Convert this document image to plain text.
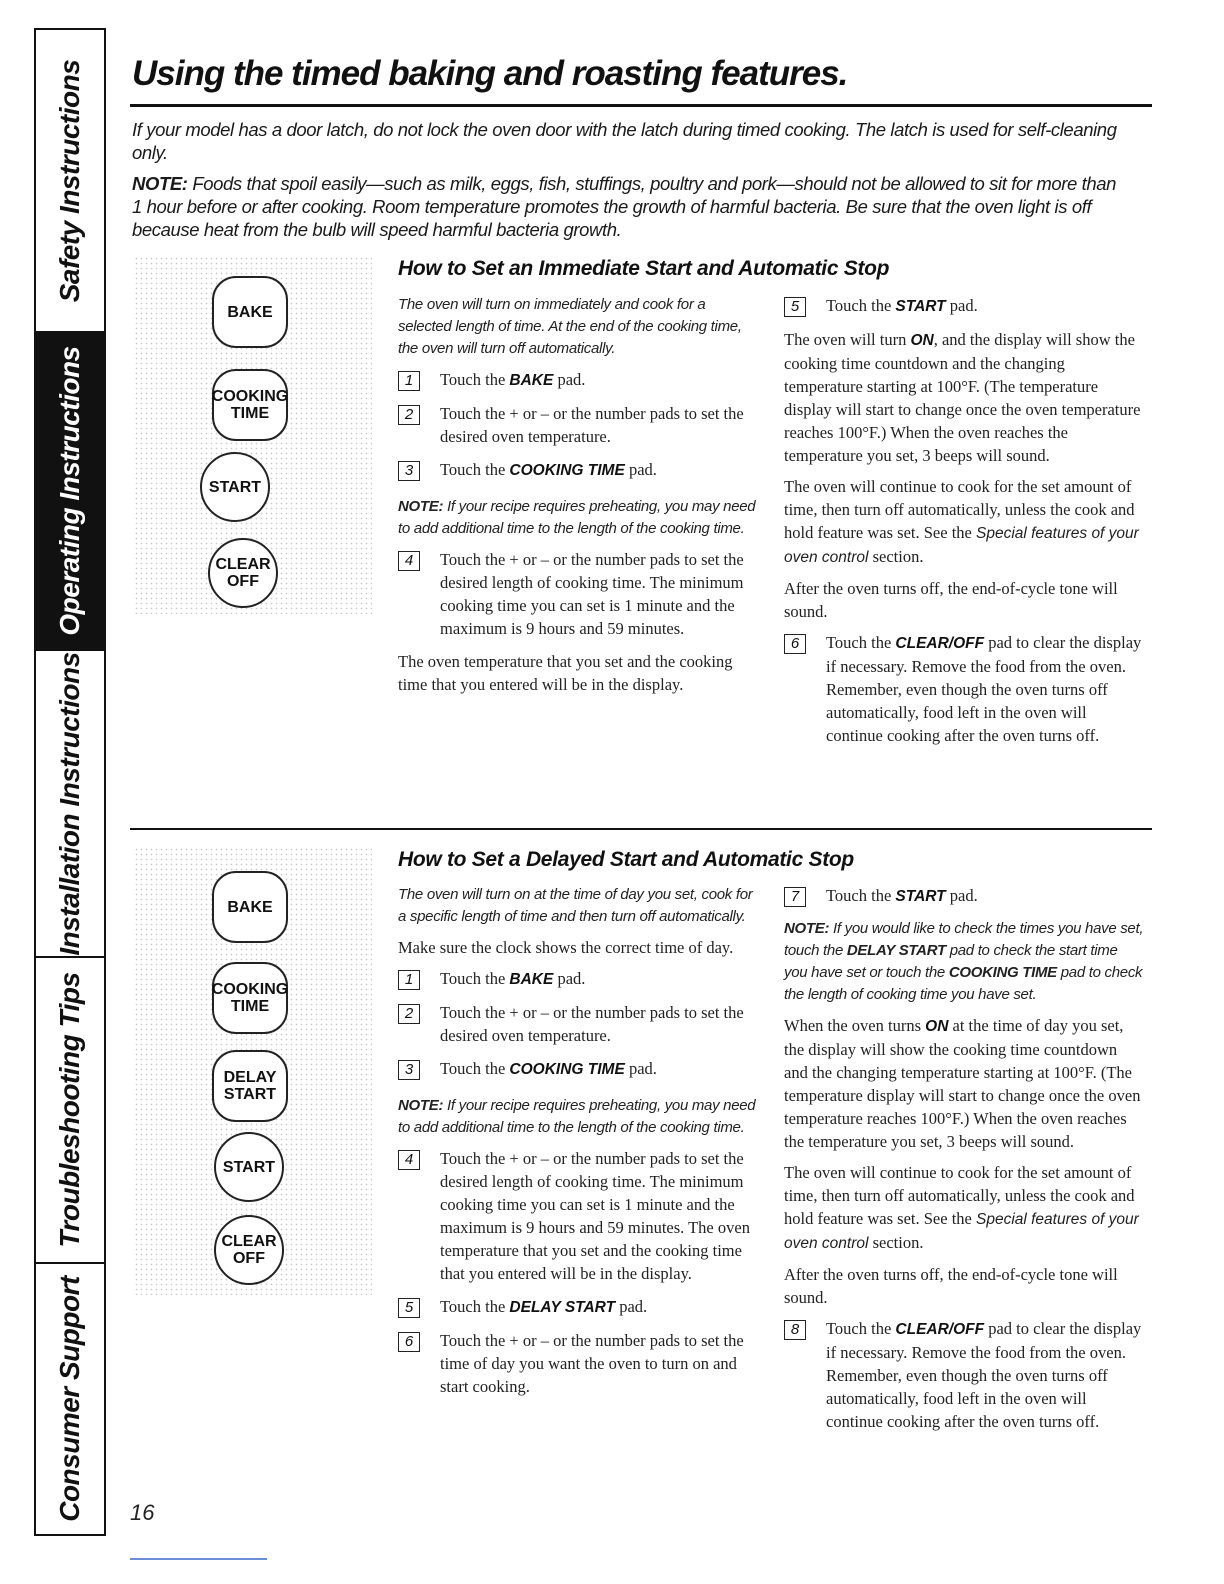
Safety Instructions
Operating Instructions
Installation Instructions
Troubleshooting Tips
Consumer Support
Using the timed baking and roasting features.

If your model has a door latch, do not lock the oven door with the latch during timed cooking. The latch is used for self-cleaning only.

NOTE: Foods that spoil easily—such as milk, eggs, fish, stuffings, poultry and pork—should not be allowed to sit for more than 1 hour before or after cooking. Room temperature promotes the growth of harmful bacteria. Be sure that the oven light is off because heat from the bulb will speed harmful bacteria growth.

How to Set an Immediate Start and Automatic Stop
BAKE
COOKING
TIME
START
CLEAR
OFF

The oven will turn on immediately and cook for a selected length of time. At the end of the cooking time, the oven will turn off automatically.

1	Touch the BAKE pad.
2	Touch the + or – or the number pads to set the desired oven temperature.
3	Touch the COOKING TIME pad.

NOTE: If your recipe requires preheating, you may need to add additional time to the length of the cooking time.

4	Touch the + or – or the number pads to set the desired length of cooking time. The minimum cooking time you can set is 1 minute and the maximum is 9 hours and 59 minutes.

The oven temperature that you set and the cooking time that you entered will be in the display.

5	Touch the START pad.

The oven will turn ON, and the display will show the cooking time countdown and the changing temperature starting at 100°F. (The temperature display will start to change once the oven temperature reaches 100°F.) When the oven reaches the temperature you set, 3 beeps will sound.

The oven will continue to cook for the set amount of time, then turn off automatically, unless the cook and hold feature was set. See the Special features of your oven control section.

After the oven turns off, the end-of-cycle tone will sound.

6	Touch the CLEAR/OFF pad to clear the display if necessary. Remove the food from the oven. Remember, even though the oven turns off automatically, food left in the oven will continue cooking after the oven turns off.
How to Set a Delayed Start and Automatic Stop
BAKE
COOKING
TIME
DELAY
START
START
CLEAR
OFF

The oven will turn on at the time of day you set, cook for a specific length of time and then turn off automatically.

Make sure the clock shows the correct time of day.

1	Touch the BAKE pad.
2	Touch the + or – or the number pads to set the desired oven temperature.
3	Touch the COOKING TIME pad.

NOTE: If your recipe requires preheating, you may need to add additional time to the length of the cooking time.

4	Touch the + or – or the number pads to set the desired length of cooking time. The minimum cooking time you can set is 1 minute and the maximum is 9 hours and 59 minutes. The oven temperature that you set and the cooking time that you entered will be in the display.
5	Touch the DELAY START pad.
6	Touch the + or – or the number pads to set the time of day you want the oven to turn on and start cooking.
7	Touch the START pad.

NOTE: If you would like to check the times you have set, touch the DELAY START pad to check the start time you have set or touch the COOKING TIME pad to check the length of cooking time you have set.

When the oven turns ON at the time of day you set, the display will show the cooking time countdown and the changing temperature starting at 100°F. (The temperature display will start to change once the oven temperature reaches 100°F.) When the oven reaches the temperature you set, 3 beeps will sound.

The oven will continue to cook for the set amount of time, then turn off automatically, unless the cook and hold feature was set. See the Special features of your oven control section.

After the oven turns off, the end-of-cycle tone will sound.

8	Touch the CLEAR/OFF pad to clear the display if necessary. Remove the food from the oven. Remember, even though the oven turns off automatically, food left in the oven will continue cooking after the oven turns off.
16
